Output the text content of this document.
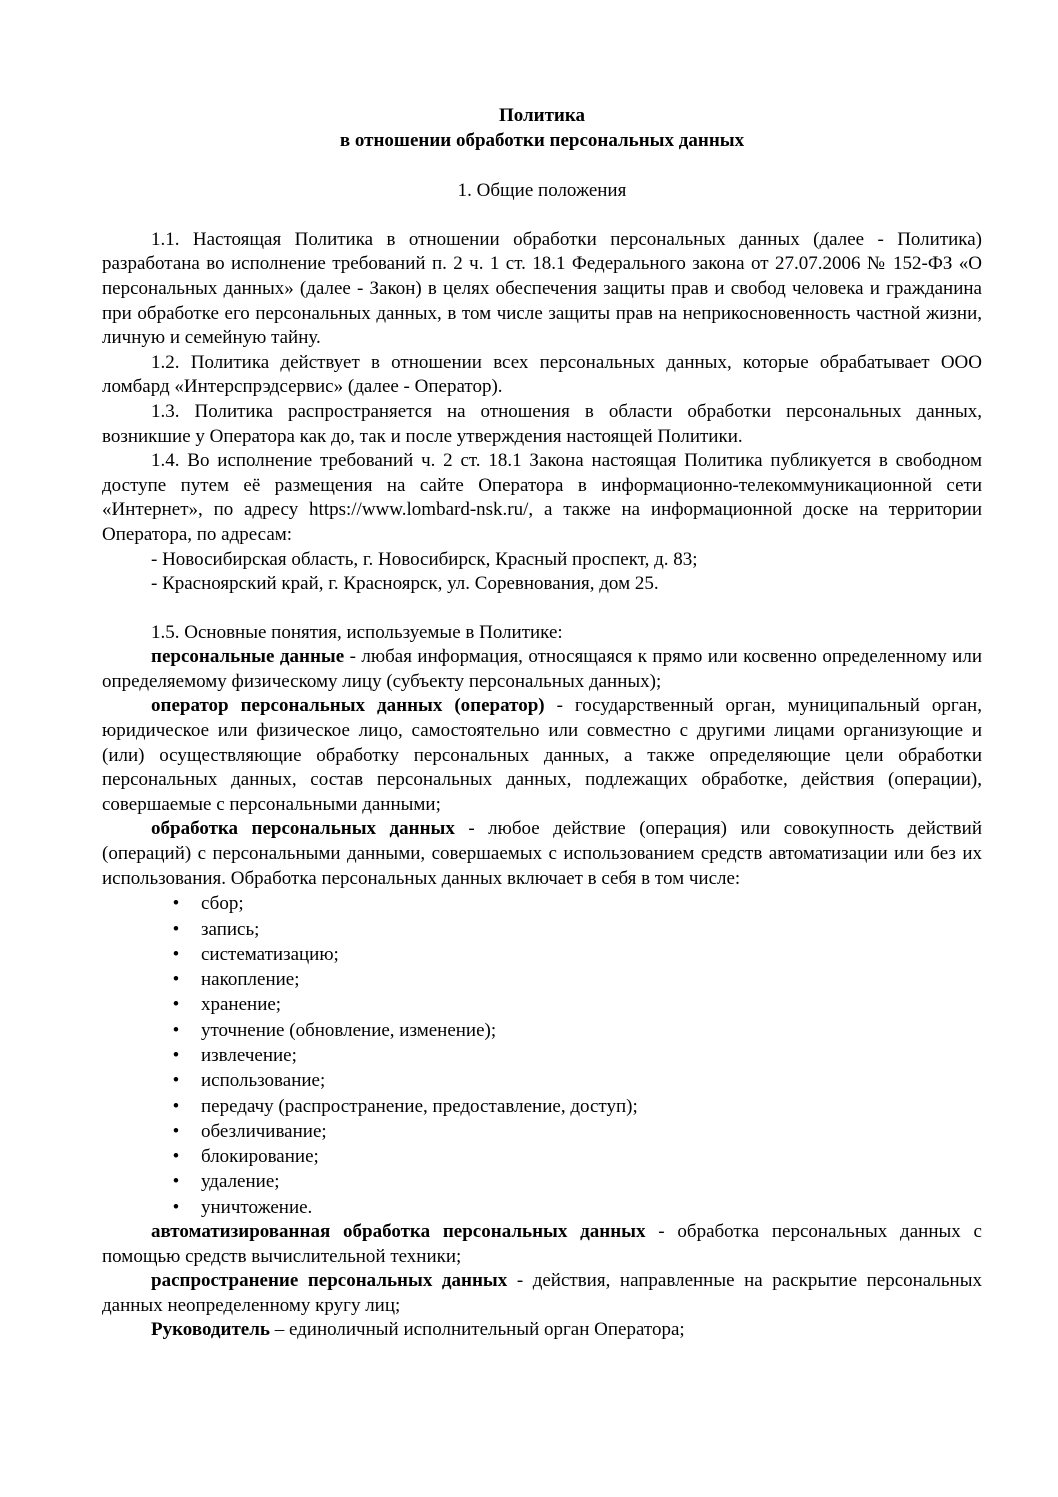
Политика

в отношении обработки персональных данных

1. Общие положения

1.1. Настоящая Политика в отношении обработки персональных данных (далее - Политика) разработана во исполнение требований п. 2 ч. 1 ст. 18.1 Федерального закона от 27.07.2006 № 152-ФЗ «О персональных данных» (далее - Закон) в целях обеспечения защиты прав и свобод человека и гражданина при обработке его персональных данных, в том числе защиты прав на неприкосновенность частной жизни, личную и семейную тайну.

1.2. Политика действует в отношении всех персональных данных, которые обрабатывает ООО ломбард «Интерспрэдсервис» (далее - Оператор).

1.3. Политика распространяется на отношения в области обработки персональных данных, возникшие у Оператора как до, так и после утверждения настоящей Политики.

1.4. Во исполнение требований ч. 2 ст. 18.1 Закона настоящая Политика публикуется в свободном доступе путем её размещения на сайте Оператора в информационно-телекоммуникационной сети «Интернет», по адресу https://www.lombard-nsk.ru/, а также на информационной доске на территории Оператора, по адресам:

- Новосибирская область, г. Новосибирск, Красный проспект, д. 83;

- Красноярский край, г. Красноярск, ул. Соревнования, дом 25.

1.5. Основные понятия, используемые в Политике:

персональные данные - любая информация, относящаяся к прямо или косвенно определенному или определяемому физическому лицу (субъекту персональных данных);

оператор персональных данных (оператор) - государственный орган, муниципальный орган, юридическое или физическое лицо, самостоятельно или совместно с другими лицами организующие и (или) осуществляющие обработку персональных данных, а также определяющие цели обработки персональных данных, состав персональных данных, подлежащих обработке, действия (операции), совершаемые с персональными данными;

обработка персональных данных - любое действие (операция) или совокупность действий (операций) с персональными данными, совершаемых с использованием средств автоматизации или без их использования. Обработка персональных данных включает в себя в том числе:

• сбор;
• запись;
• систематизацию;
• накопление;
• хранение;
• уточнение (обновление, изменение);
• извлечение;
• использование;
• передачу (распространение, предоставление, доступ);
• обезличивание;
• блокирование;
• удаление;
• уничтожение.

автоматизированная обработка персональных данных - обработка персональных данных с помощью средств вычислительной техники;

распространение персональных данных - действия, направленные на раскрытие персональных данных неопределенному кругу лиц;

Руководитель – единоличный исполнительный орган Оператора;
